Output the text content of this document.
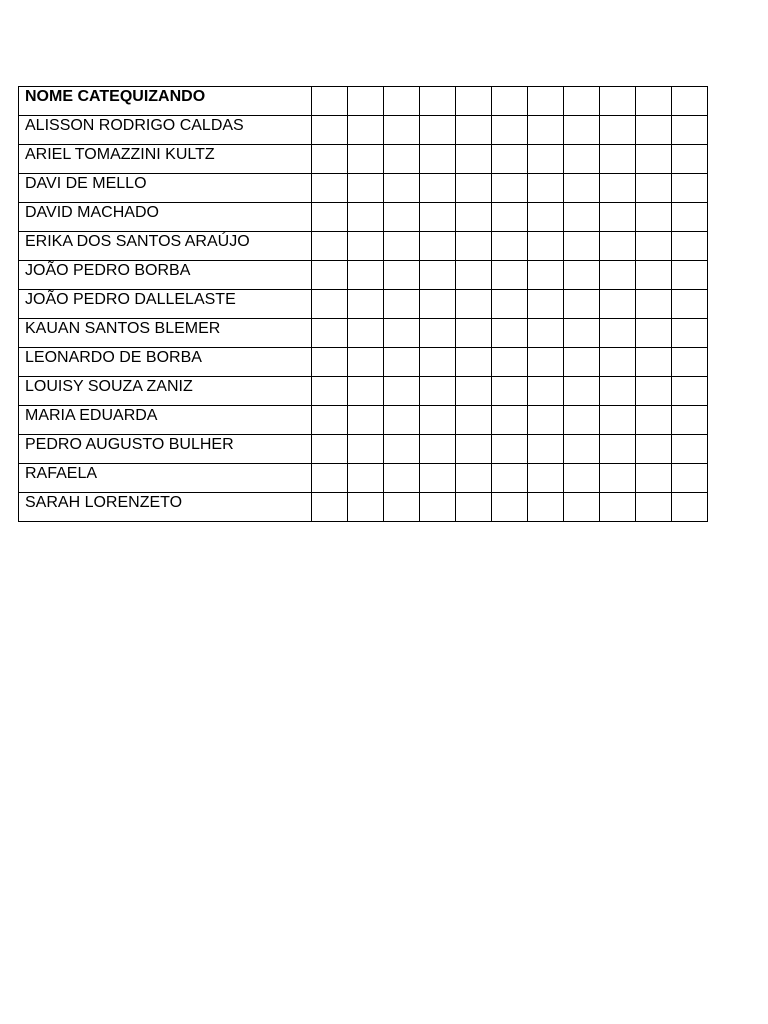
NOME CATEQUIZANDO											
ALISSON RODRIGO CALDAS											
ARIEL TOMAZZINI KULTZ											
DAVI DE MELLO											
DAVID MACHADO											
ERIKA DOS SANTOS ARAÚJO											
JOÃO PEDRO BORBA											
JOÃO PEDRO DALLELASTE											
KAUAN SANTOS BLEMER											
LEONARDO DE BORBA											
LOUISY SOUZA ZANIZ											
MARIA EDUARDA											
PEDRO AUGUSTO BULHER											
RAFAELA											
SARAH LORENZETO											
